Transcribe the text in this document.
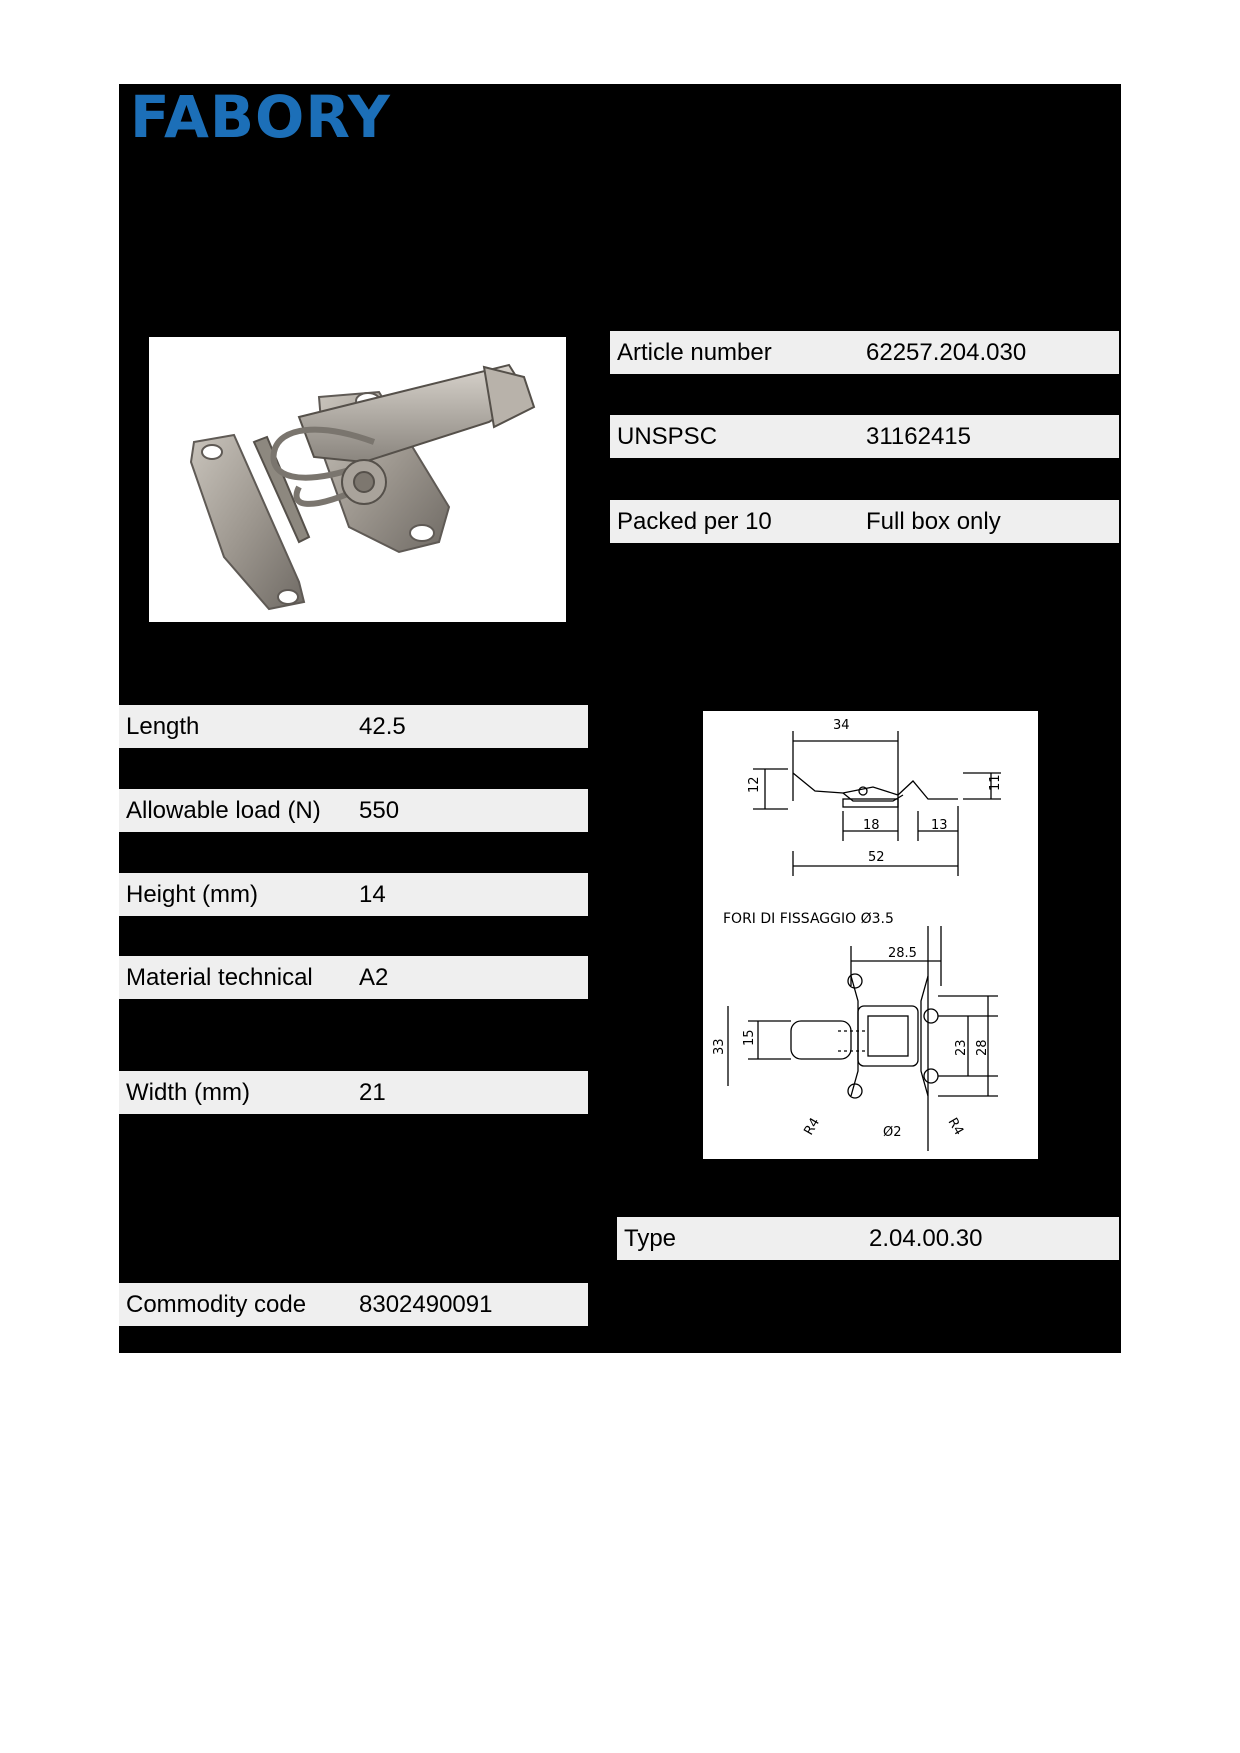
FABORY
Article number	62257.204.030
UNSPSC	31162415
Packed per 10	Full box only
Length	42.5
Allowable load (N) 550
Height (mm)	14
Material technical A2
Width (mm)	21
34
12	11
18	13
52
FORI DI FISSAGGIO Ø3.5
28.5
33
15
23 28
R4	Ø2	R4
Type	2.04.00.30
Commodity code 8302490091
